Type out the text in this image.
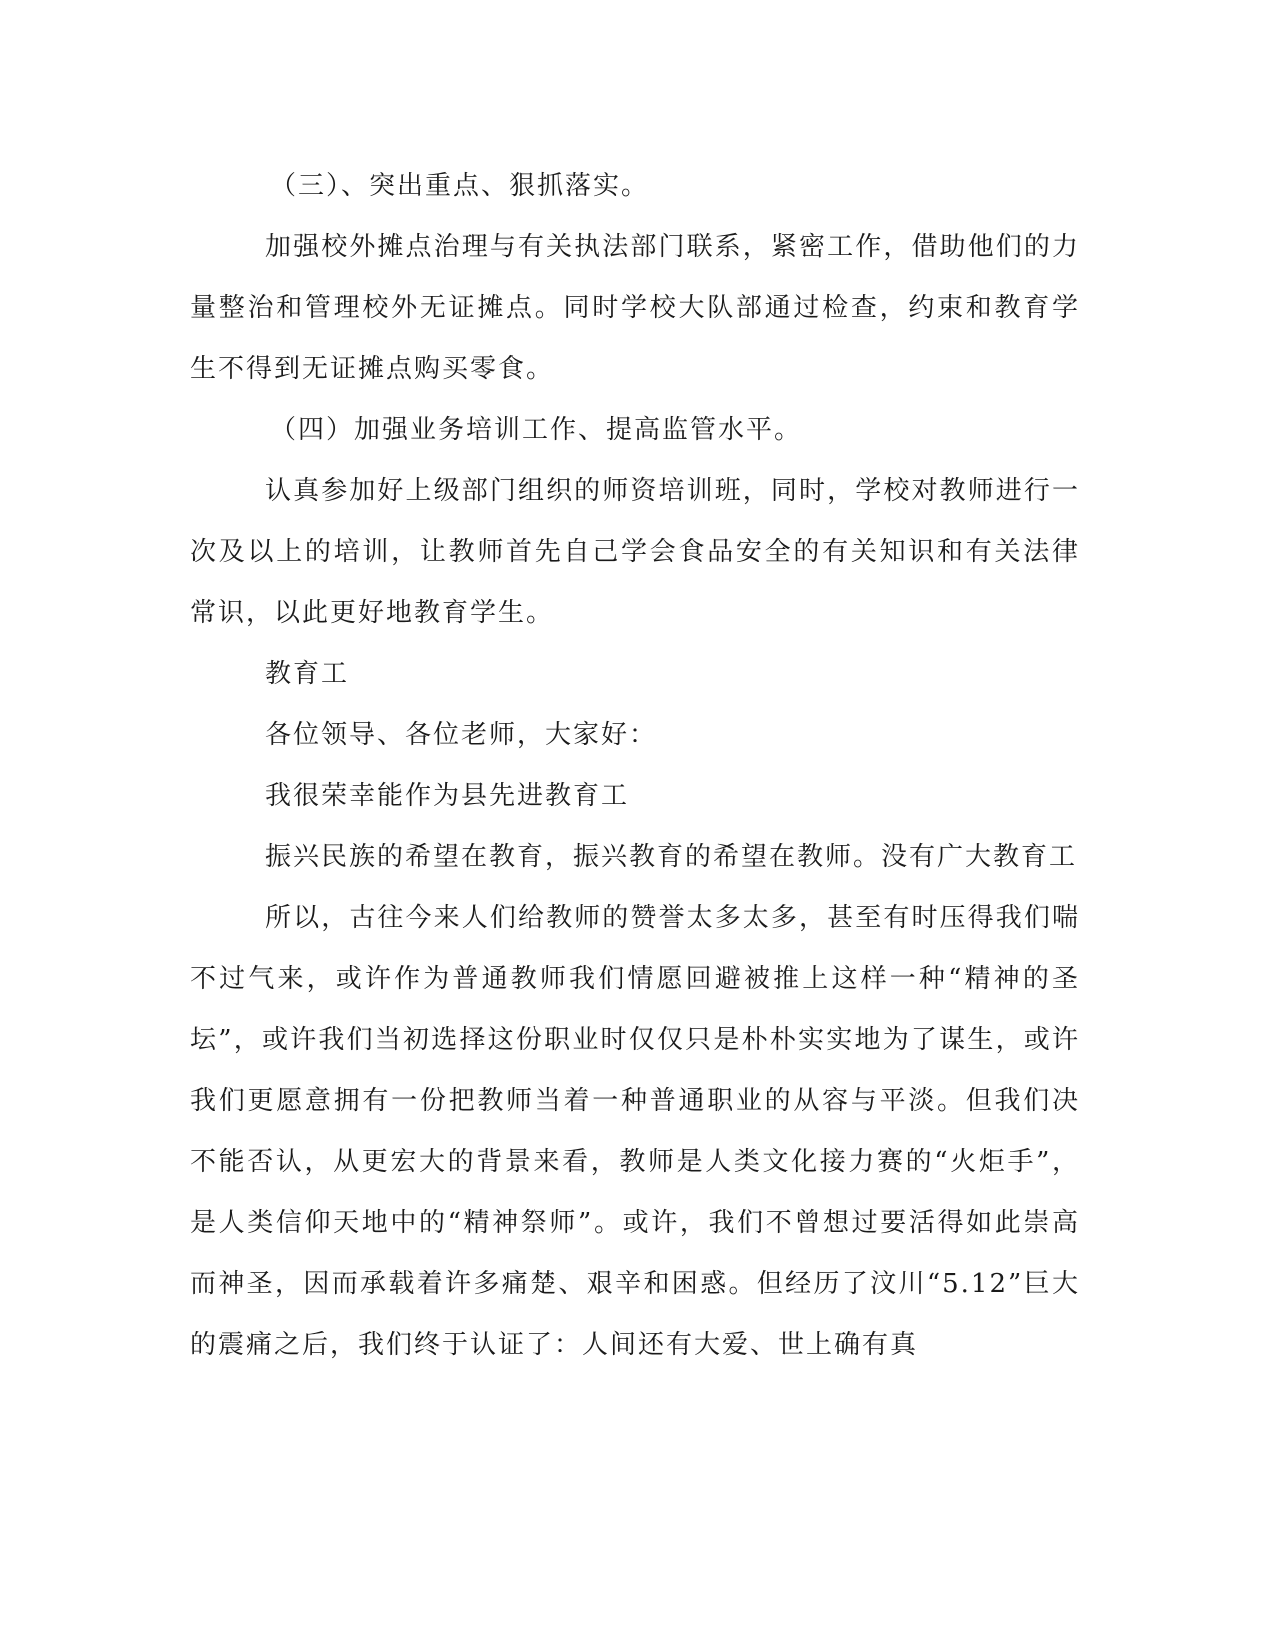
（三）、突出重点、狠抓落实。

加强校外摊点治理与有关执法部门联系，紧密工作，借助他们的力量整治和管理校外无证摊点。同时学校大队部通过检查，约束和教育学生不得到无证摊点购买零食。

（四）加强业务培训工作、提高监管水平。

认真参加好上级部门组织的师资培训班，同时，学校对教师进行一次及以上的培训，让教师首先自己学会食品安全的有关知识和有关法律常识，以此更好地教育学生。

教育工

各位领导、各位老师，大家好：

我很荣幸能作为县先进教育工

振兴民族的希望在教育，振兴教育的希望在教师。没有广大教育工

所以，古往今来人们给教师的赞誉太多太多，甚至有时压得我们喘不过气来，或许作为普通教师我们情愿回避被推上这样一种“精神的圣坛”，或许我们当初选择这份职业时仅仅只是朴朴实实地为了谋生，或许我们更愿意拥有一份把教师当着一种普通职业的从容与平淡。但我们决不能否认，从更宏大的背景来看，教师是人类文化接力赛的“火炬手”，是人类信仰天地中的“精神祭师”。或许，我们不曾想过要活得如此崇高而神圣，因而承载着许多痛楚、艰辛和困惑。但经历了汶川“5.12”巨大的震痛之后，我们终于认证了：人间还有大爱、世上确有真
